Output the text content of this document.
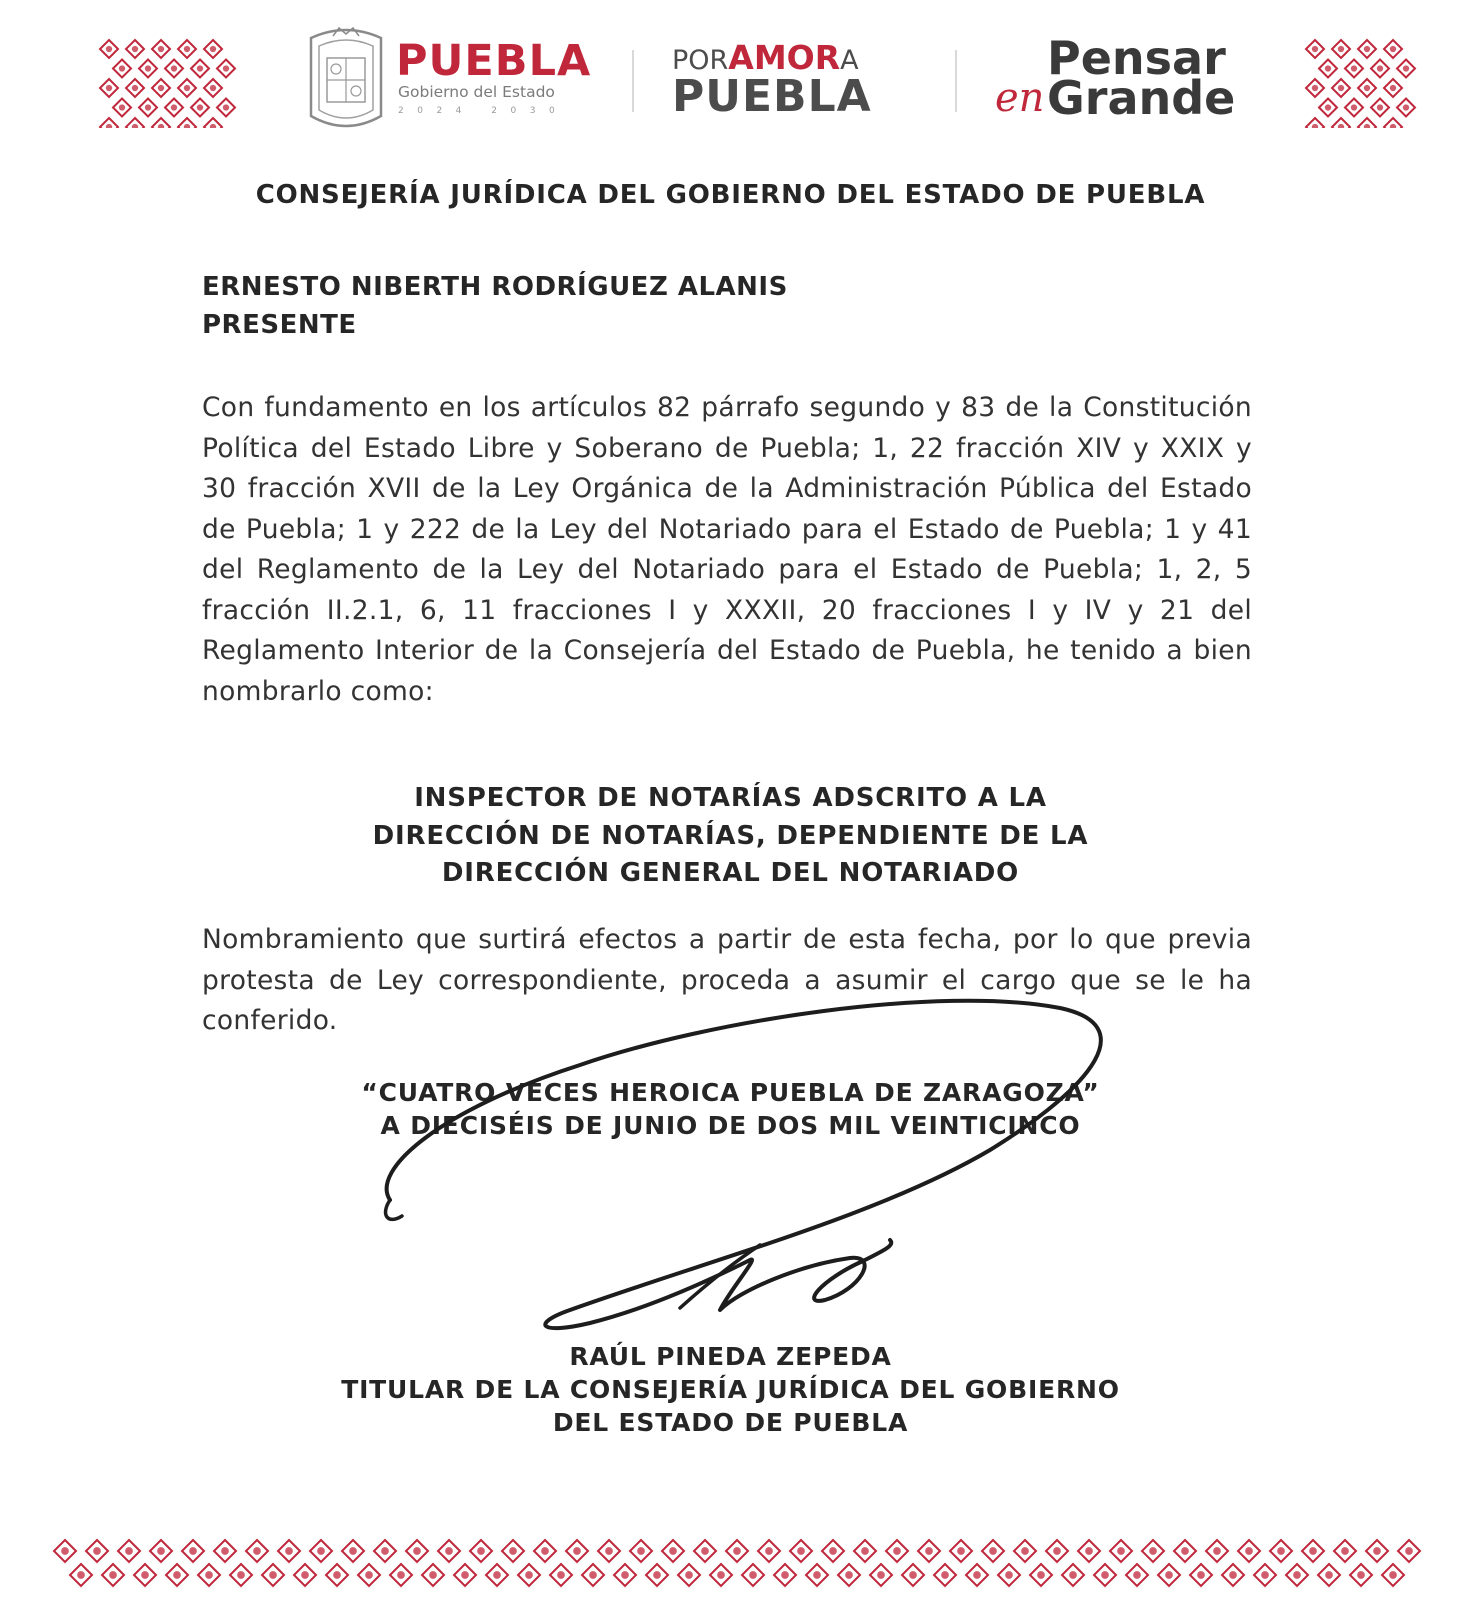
PUEBLA
Gobierno del Estado
2024 2030
PORAMORA
PUEBLA
Pensar
en Grande
CONSEJERÍA JURÍDICA DEL GOBIERNO DEL ESTADO DE PUEBLA
ERNESTO NIBERTH RODRÍGUEZ ALANIS
PRESENTE
Con fundamento en los artículos 82 párrafo segundo y 83 de la Constitución Política del Estado Libre y Soberano de Puebla; 1, 22 fracción XIV y XXIX y 30 fracción XVII de la Ley Orgánica de la Administración Pública del Estado de Puebla; 1 y 222 de la Ley del Notariado para el Estado de Puebla; 1 y 41 del Reglamento de la Ley del Notariado para el Estado de Puebla; 1, 2, 5 fracción II.2.1, 6, 11 fracciones I y XXXII, 20 fracciones I y IV y 21 del Reglamento Interior de la Consejería del Estado de Puebla, he tenido a bien nombrarlo como:
INSPECTOR DE NOTARÍAS ADSCRITO A LA
DIRECCIÓN DE NOTARÍAS, DEPENDIENTE DE LA
DIRECCIÓN GENERAL DEL NOTARIADO
Nombramiento que surtirá efectos a partir de esta fecha, por lo que previa protesta de Ley correspondiente, proceda a asumir el cargo que se le ha conferido.
“CUATRO VECES HEROICA PUEBLA DE ZARAGOZA”
A DIECISÉIS DE JUNIO DE DOS MIL VEINTICINCO
RAÚL PINEDA ZEPEDA
TITULAR DE LA CONSEJERÍA JURÍDICA DEL GOBIERNO
DEL ESTADO DE PUEBLA
